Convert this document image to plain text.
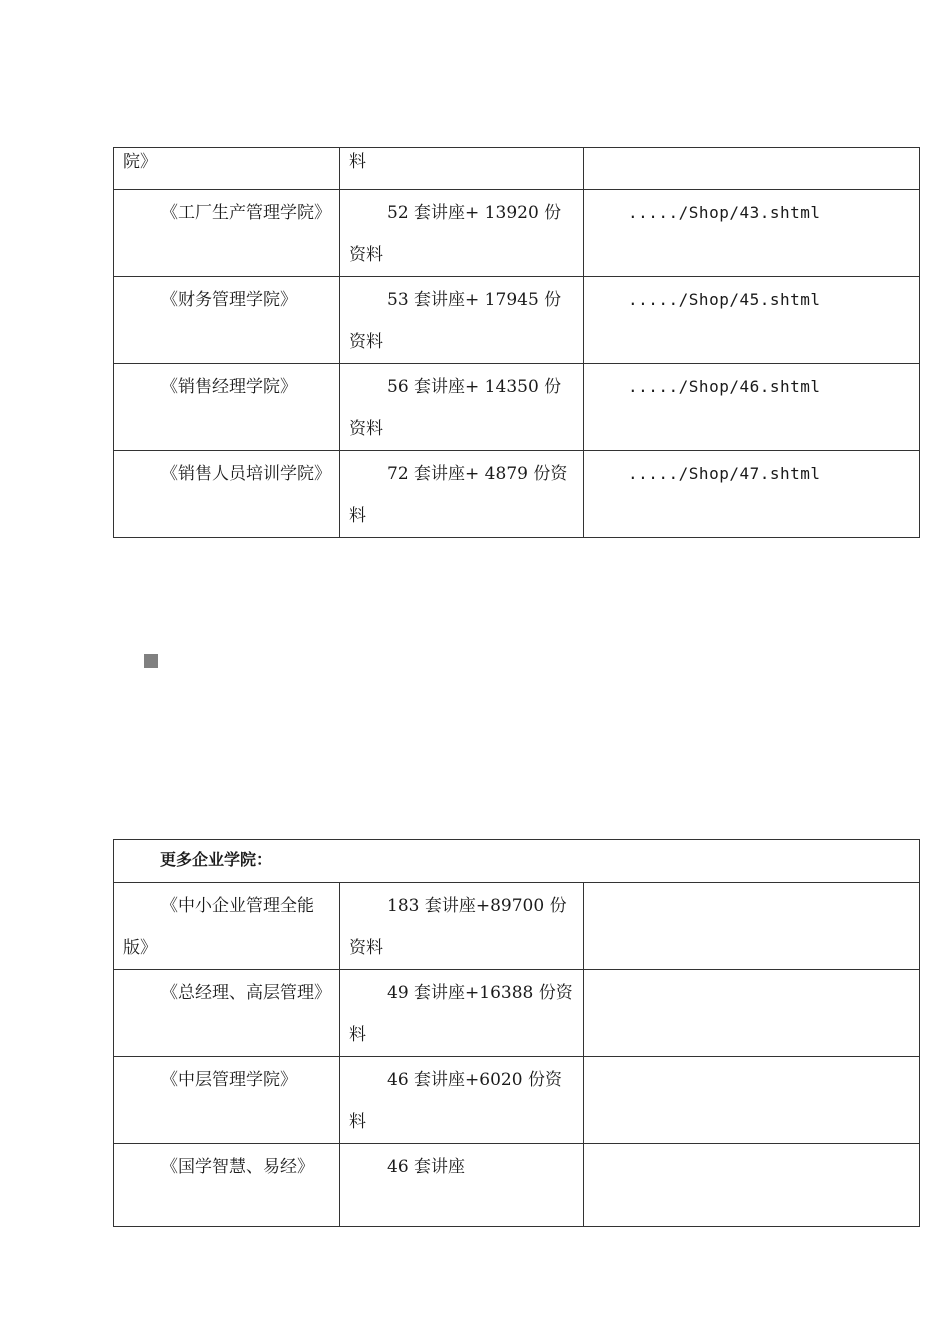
院》	料	
《工厂生产管理学院》	52 套讲座+ 13920 份资料	...../Shop/43.shtml
《财务管理学院》	53 套讲座+ 17945 份资料	...../Shop/45.shtml
《销售经理学院》	56 套讲座+ 14350 份资料	...../Shop/46.shtml
《销售人员培训学院》	72 套讲座+ 4879 份资料	...../Shop/47.shtml
更多企业学院：		
《中小企业管理全能版》	183 套讲座+89700 份资料	
《总经理、高层管理》	49 套讲座+16388 份资料	
《中层管理学院》	46 套讲座+6020 份资料	
《国学智慧、易经》	46 套讲座	
